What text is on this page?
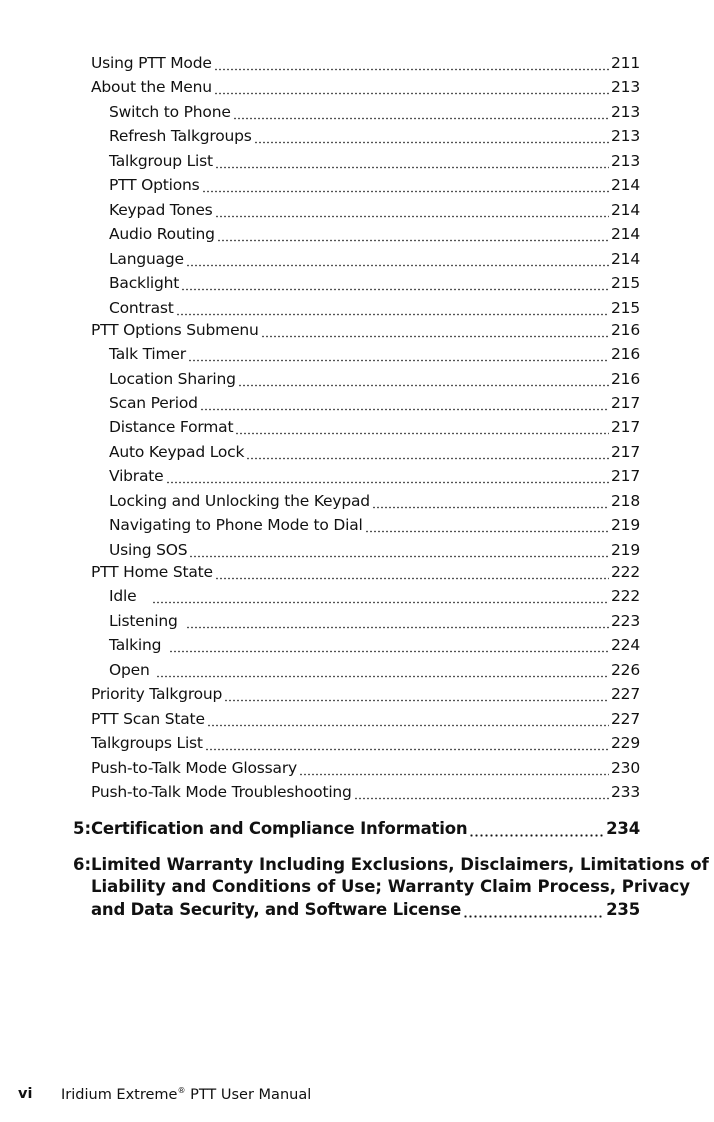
Using PTT Mode	211
About the Menu	213
Switch to Phone	213
Refresh Talkgroups	213
Talkgroup List	213
PTT Options	214
Keypad Tones	214
Audio Routing	214
Language	214
Backlight	215
Contrast	215
PTT Options Submenu	216
Talk Timer	216
Location Sharing	216
Scan Period	217
Distance Format	217
Auto Keypad Lock	217
Vibrate	217
Locking and Unlocking the Keypad	218
Navigating to Phone Mode to Dial	219
Using SOS	219
PTT Home State	222
Idle	222
Listening	223
Talking	224
Open	226
Priority Talkgroup	227
PTT Scan State	227
Talkgroups List	229
Push-to-Talk Mode Glossary	230
Push-to-Talk Mode Troubleshooting	233
5: Certification and Compliance Information	234
6: Limited Warranty Including Exclusions, Disclaimers, Limitations of
Liability and Conditions of Use; Warranty Claim Process, Privacy
and Data Security, and Software License	235
vi Iridium Extreme® PTT User Manual
